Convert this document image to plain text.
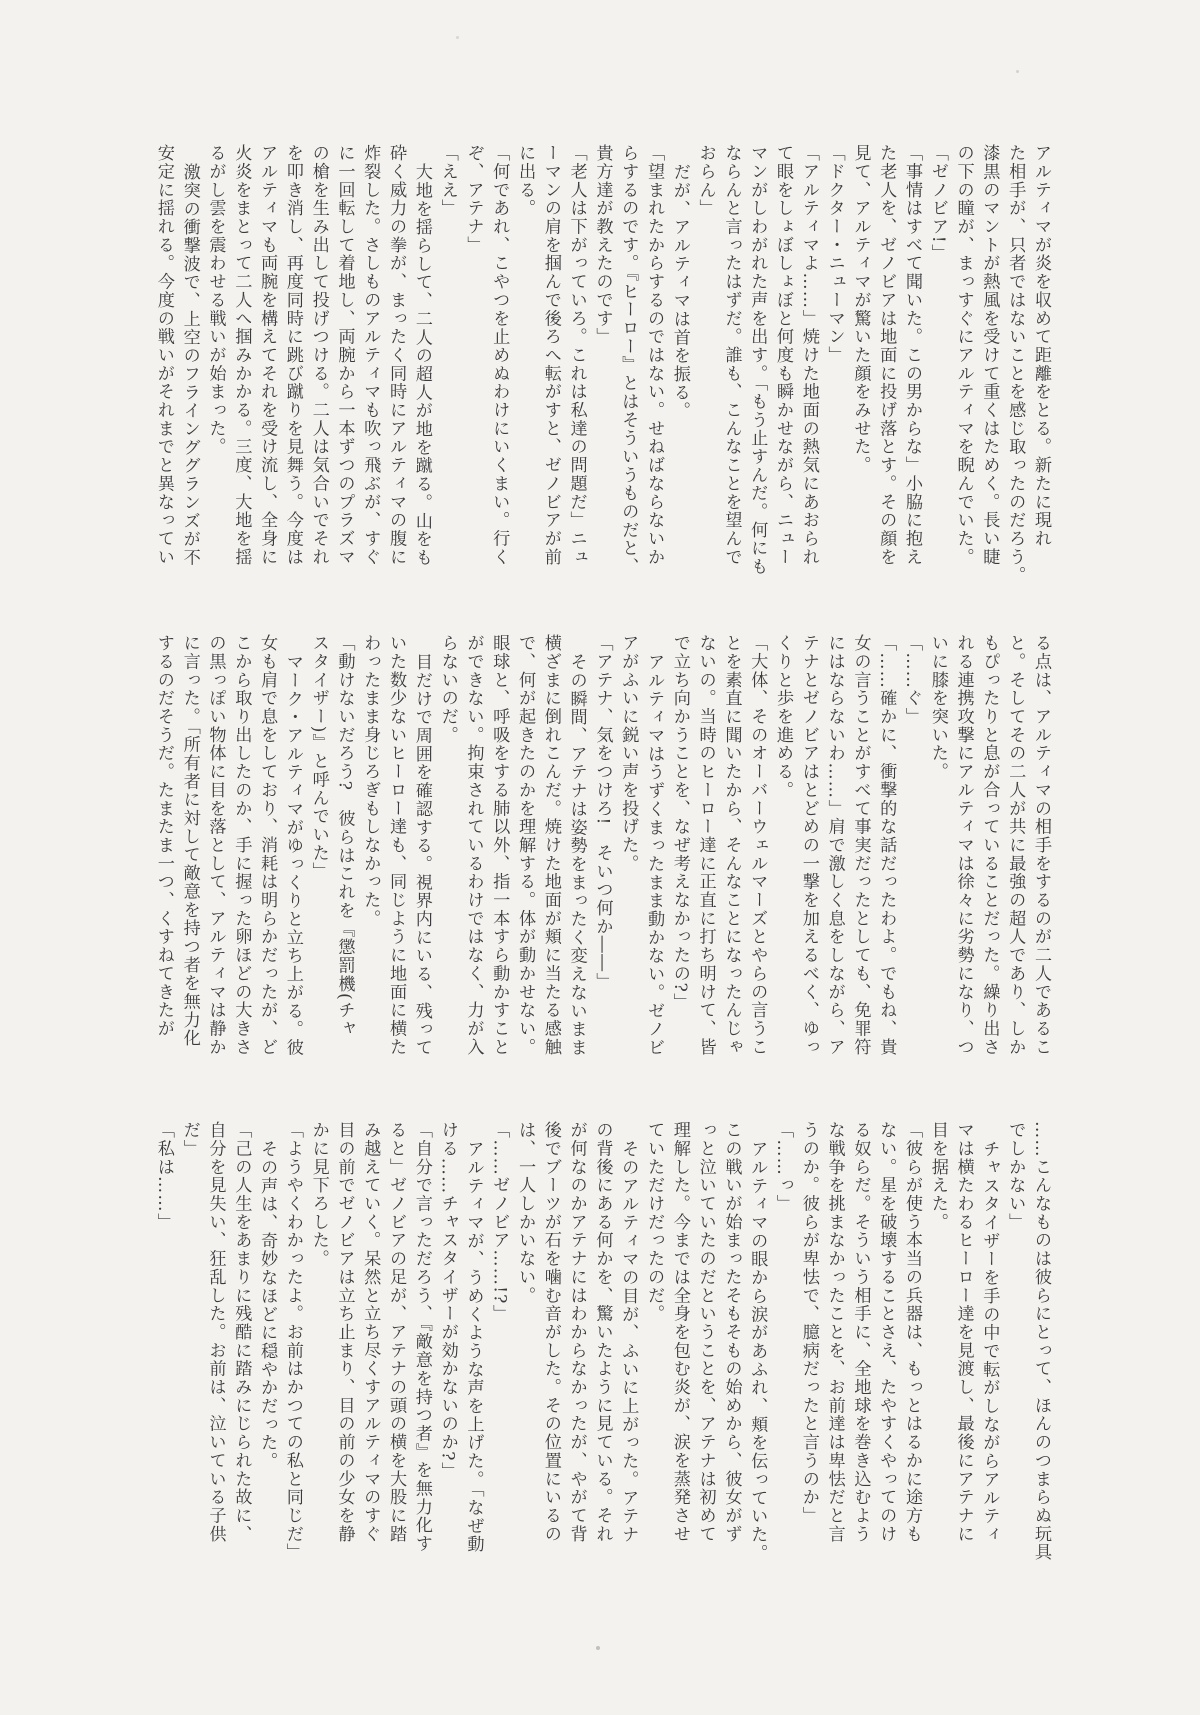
アルティマが炎を収めて距離をとる。新たに現れ

た相手が、只者ではないことを感じ取ったのだろう。

漆黒のマントが熱風を受けて重くはためく。長い睫

の下の瞳が、まっすぐにアルティマを睨んでいた。

「ゼノビア!」

「事情はすべて聞いた。この男からな」小脇に抱え

た老人を、ゼノビアは地面に投げ落とす。その顔を

見て、アルティマが驚いた顔をみせた。

「ドクター・ニューマン」

「アルティマよ……」焼けた地面の熱気にあおられ

て眼をしょぼしょぼと何度も瞬かせながら、ニュー

マンがしわがれた声を出す。「もう止すんだ。何にも

ならんと言ったはずだ。誰も、こんなことを望んで

おらん」

だが、アルティマは首を振る。

「望まれたからするのではない。せねばならないか

らするのです。『ヒーロー』とはそういうものだと、

貴方達が教えたのです」

「老人は下がっていろ。これは私達の問題だ」ニュ

ーマンの肩を掴んで後ろへ転がすと、ゼノビアが前

に出る。

「何であれ、こやつを止めぬわけにいくまい。行く

ぞ、アテナ」

「ええ」

大地を揺らして、二人の超人が地を蹴る。山をも

砕く威力の拳が、まったく同時にアルティマの腹に

炸裂した。さしものアルティマも吹っ飛ぶが、すぐ

に一回転して着地し、両腕から一本ずつのプラズマ

の槍を生み出して投げつける。二人は気合いでそれ

を叩き消し、再度同時に跳び蹴りを見舞う。今度は

アルティマも両腕を構えてそれを受け流し、全身に

火炎をまとって二人へ掴みかかる。三度、大地を揺

るがし雲を震わせる戦いが始まった。

激突の衝撃波で、上空のフラインググランズが不

安定に揺れる。今度の戦いがそれまでと異なってい

る点は、アルティマの相手をするのが二人であるこ

と。そしてその二人が共に最強の超人であり、しか

もぴったりと息が合っていることだった。繰り出さ

れる連携攻撃にアルティマは徐々に劣勢になり、つ

いに膝を突いた。

「……ぐ」

「……確かに、衝撃的な話だったわよ。でもね、貴

女の言うことがすべて事実だったとしても、免罪符

にはならないわ……」肩で激しく息をしながら、ア

テナとゼノビアはとどめの一撃を加えるべく、ゆっ

くりと歩を進める。

「大体、そのオーバーウェルマーズとやらの言うこ

とを素直に聞いたから、そんなことになったんじゃ

ないの。当時のヒーロー達に正直に打ち明けて、皆

で立ち向かうことを、なぜ考えなかったの?」

アルティマはうずくまったまま動かない。ゼノビ

アがふいに鋭い声を投げた。

「アテナ、気をつけろ!　そいつ何か――」

その瞬間、アテナは姿勢をまったく変えないまま

横ざまに倒れこんだ。焼けた地面が頬に当たる感触

で、何が起きたのかを理解する。体が動かせない。

眼球と、呼吸をする肺以外、指一本すら動かすこと

ができない。拘束されているわけではなく、力が入

らないのだ。

目だけで周囲を確認する。視界内にいる、残って

いた数少ないヒーロー達も、同じように地面に横た

わったまま身じろぎもしなかった。

「動けないだろう?　彼らはこれを『懲罰機(チャ

スタイザー)』と呼んでいた」

マーク・アルティマがゆっくりと立ち上がる。彼

女も肩で息をしており、消耗は明らかだったが、ど

こから取り出したのか、手に握った卵ほどの大きさ

の黒っぽい物体に目を落として、アルティマは静か

に言った。「所有者に対して敵意を持つ者を無力化

するのだそうだ。たまたま一つ、くすねてきたが

……こんなものは彼らにとって、ほんのつまらぬ玩具

でしかない」

チャスタイザーを手の中で転がしながらアルティ

マは横たわるヒーロー達を見渡し、最後にアテナに

目を据えた。

「彼らが使う本当の兵器は、もっとはるかに途方も

ない。星を破壊することさえ、たやすくやってのけ

る奴らだ。そういう相手に、全地球を巻き込むよう

な戦争を挑まなかったことを、お前達は卑怯だと言

うのか。彼らが卑怯で、臆病だったと言うのか」

「……っ」

アルティマの眼から涙があふれ、頬を伝っていた。

この戦いが始まったそもそもの始めから、彼女がず

っと泣いていたのだということを、アテナは初めて

理解した。今までは全身を包む炎が、涙を蒸発させ

ていただけだったのだ。

そのアルティマの目が、ふいに上がった。アテナ

の背後にある何かを、驚いたように見ている。それ

が何なのかアテナにはわからなかったが、やがて背

後でブーツが石を噛む音がした。その位置にいるの

は、一人しかいない。

「……ゼノビア……!?」

アルティマが、うめくような声を上げた。「なぜ動

ける……チャスタイザーが効かないのか?」

「自分で言っただろう、『敵意を持つ者』を無力化す

ると」ゼノビアの足が、アテナの頭の横を大股に踏

み越えていく。呆然と立ち尽くすアルティマのすぐ

目の前でゼノビアは立ち止まり、目の前の少女を静

かに見下ろした。

「ようやくわかったよ。お前はかつての私と同じだ」

その声は、奇妙なほどに穏やかだった。

「己の人生をあまりに残酷に踏みにじられた故に、

自分を見失い、狂乱した。お前は、泣いている子供

だ」

「私は……」
